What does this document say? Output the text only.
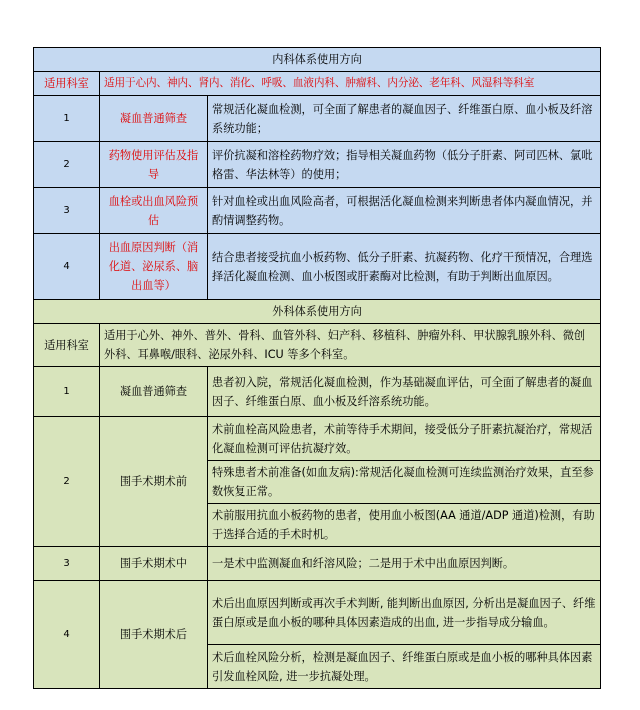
内科体系使用方向		
适用科室	适用于心内、神内、肾内、消化、呼吸、血液内科、肿瘤科、内分泌、老年科、风湿科等科室	
1	凝血普通筛查	常规活化凝血检测，可全面了解患者的凝血因子、纤维蛋白原、血小板及纤溶系统功能；
2	药物使用评估及指导	评价抗凝和溶栓药物疗效；指导相关凝血药物（低分子肝素、阿司匹林、氯吡格雷、华法林等）的使用；
3	血栓或出血风险预估	针对血栓或出血风险高者，可根据活化凝血检测来判断患者体内凝血情况，并酌情调整药物。
4	出血原因判断（消化道、泌尿系、脑出血等）	结合患者接受抗血小板药物、低分子肝素、抗凝药物、化疗干预情况，合理选择活化凝血检测、血小板图或肝素酶对比检测，有助于判断出血原因。
外科体系使用方向		
适用科室	适用于心外、神外、普外、骨科、血管外科、妇产科、移植科、肿瘤外科、甲状腺乳腺外科、微创外科、耳鼻喉/眼科、泌尿外科、ICU 等多个科室。	
1	凝血普通筛查	患者初入院，常规活化凝血检测，作为基础凝血评估，可全面了解患者的凝血因子、纤维蛋白原、血小板及纤溶系统功能。
2	围手术期术前	术前血栓高风险患者，术前等待手术期间，接受低分子肝素抗凝治疗，常规活化凝血检测可评估抗凝疗效。
		特殊患者术前准备(如血友病):常规活化凝血检测可连续监测治疗效果，直至参数恢复正常。
		术前服用抗血小板药物的患者，使用血小板图(AA 通道/ADP 通道)检测，有助于选择合适的手术时机。
3	围手术期术中	一是术中监测凝血和纤溶风险；二是用于术中出血原因判断。
4	围手术期术后	术后出血原因判断或再次手术判断, 能判断出血原因, 分析出是凝血因子、纤维蛋白原或是血小板的哪种具体因素造成的出血, 进一步指导成分输血。
		术后血栓风险分析，检测是凝血因子、纤维蛋白原或是血小板的哪种具体因素引发血栓风险, 进一步抗凝处理。
